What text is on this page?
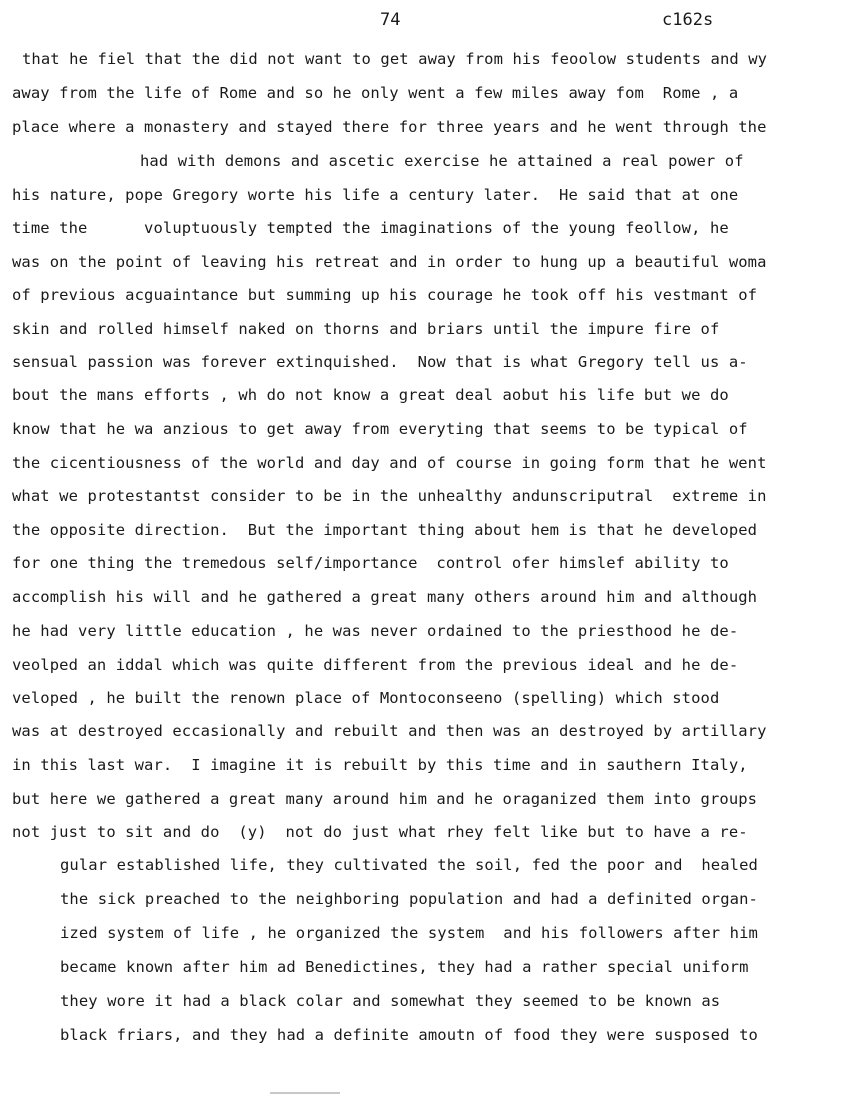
74	c162s
that he fiel that the did not want to get away from his feoolow students and wy
away from the life of Rome and so he only went a few miles away fom  Rome , a
place where a monastery and stayed there for three years and he went through the
had with demons and ascetic exercise he attained a real power of
his nature, pope Gregory worte his life a century later.  He said that at one
time the      voluptuously tempted the imaginations of the young feollow, he
was on the point of leaving his retreat and in order to hung up a beautiful woma
of previous acguaintance but summing up his courage he took off his vestmant of
skin and rolled himself naked on thorns and briars until the impure fire of
sensual passion was forever extinquished.  Now that is what Gregory tell us a-
bout the mans efforts , wh do not know a great deal aobut his life but we do
know that he wa anzious to get away from everyting that seems to be typical of
the cicentiousness of the world and day and of course in going form that he went
what we protestantst consider to be in the unhealthy andunscriputral  extreme in
the opposite direction.  But the important thing about hem is that he developed
for one thing the tremedous self/importance  control ofer himslef ability to
accomplish his will and he gathered a great many others around him and although
he had very little education , he was never ordained to the priesthood he de-
veolped an iddal which was quite different from the previous ideal and he de-
veloped , he built the renown place of Montoconseeno (spelling) which stood
was at destroyed eccasionally and rebuilt and then was an destroyed by artillary
in this last war.  I imagine it is rebuilt by this time and in sauthern Italy,
but here we gathered a great many around him and he oraganized them into groups
not just to sit and do  (y)  not do just what rhey felt like but to have a re-
gular established life, they cultivated the soil, fed the poor and  healed
the sick preached to the neighboring population and had a definited organ-
ized system of life , he organized the system  and his followers after him
became known after him ad Benedictines, they had a rather special uniform
they wore it had a black colar and somewhat they seemed to be known as
black friars, and they had a definite amoutn of food they were susposed to
